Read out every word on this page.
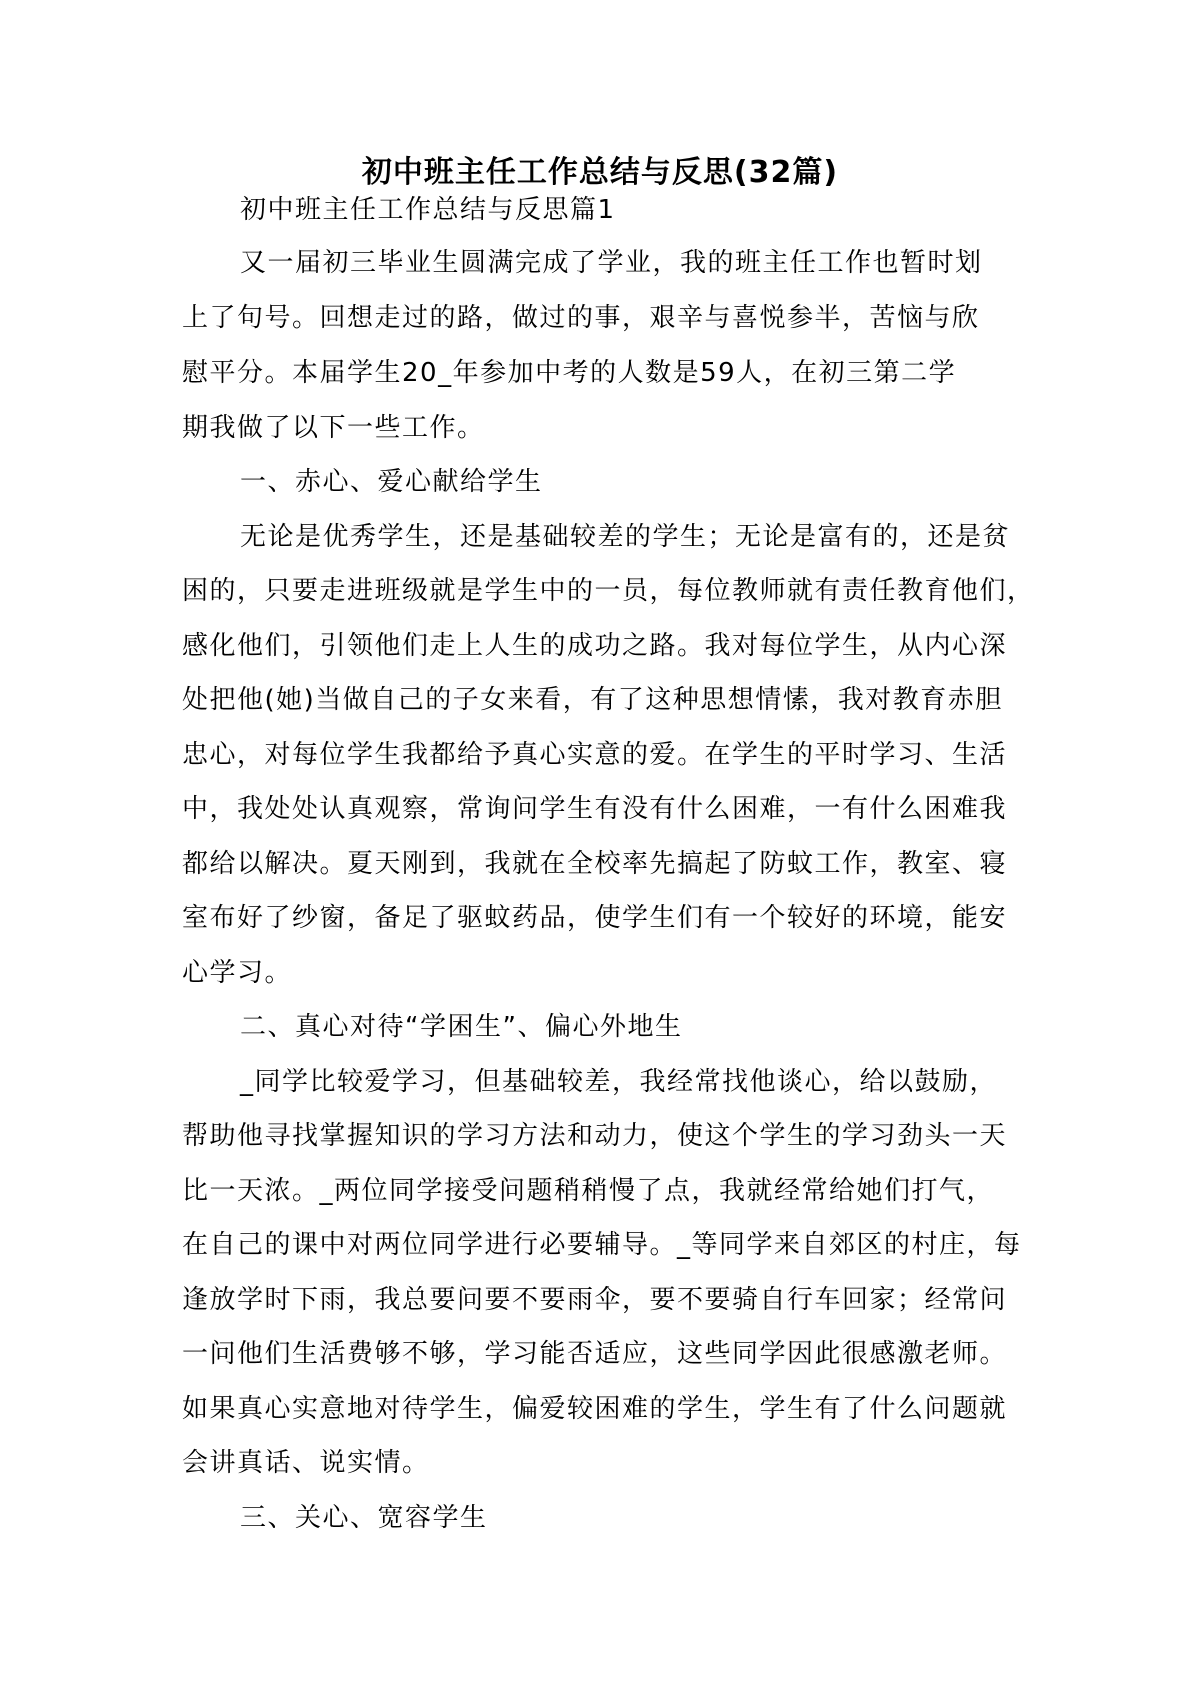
初中班主任工作总结与反思(32篇)
初中班主任工作总结与反思篇1
又一届初三毕业生圆满完成了学业，我的班主任工作也暂时划
上了句号。回想走过的路，做过的事，艰辛与喜悦参半，苦恼与欣
慰平分。本届学生20_年参加中考的人数是59人，在初三第二学
期我做了以下一些工作。
一、赤心、爱心献给学生
无论是优秀学生，还是基础较差的学生；无论是富有的，还是贫
困的，只要走进班级就是学生中的一员，每位教师就有责任教育他们，
感化他们，引领他们走上人生的成功之路。我对每位学生，从内心深
处把他(她)当做自己的子女来看，有了这种思想情愫，我对教育赤胆
忠心，对每位学生我都给予真心实意的爱。在学生的平时学习、生活
中，我处处认真观察，常询问学生有没有什么困难，一有什么困难我
都给以解决。夏天刚到，我就在全校率先搞起了防蚊工作，教室、寝
室布好了纱窗，备足了驱蚊药品，使学生们有一个较好的环境，能安
心学习。
二、真心对待“学困生”、偏心外地生
_同学比较爱学习，但基础较差，我经常找他谈心，给以鼓励，
帮助他寻找掌握知识的学习方法和动力，使这个学生的学习劲头一天
比一天浓。_两位同学接受问题稍稍慢了点，我就经常给她们打气，
在自己的课中对两位同学进行必要辅导。_等同学来自郊区的村庄，每
逢放学时下雨，我总要问要不要雨伞，要不要骑自行车回家；经常问
一问他们生活费够不够，学习能否适应，这些同学因此很感激老师。
如果真心实意地对待学生，偏爱较困难的学生，学生有了什么问题就
会讲真话、说实情。
三、关心、宽容学生
